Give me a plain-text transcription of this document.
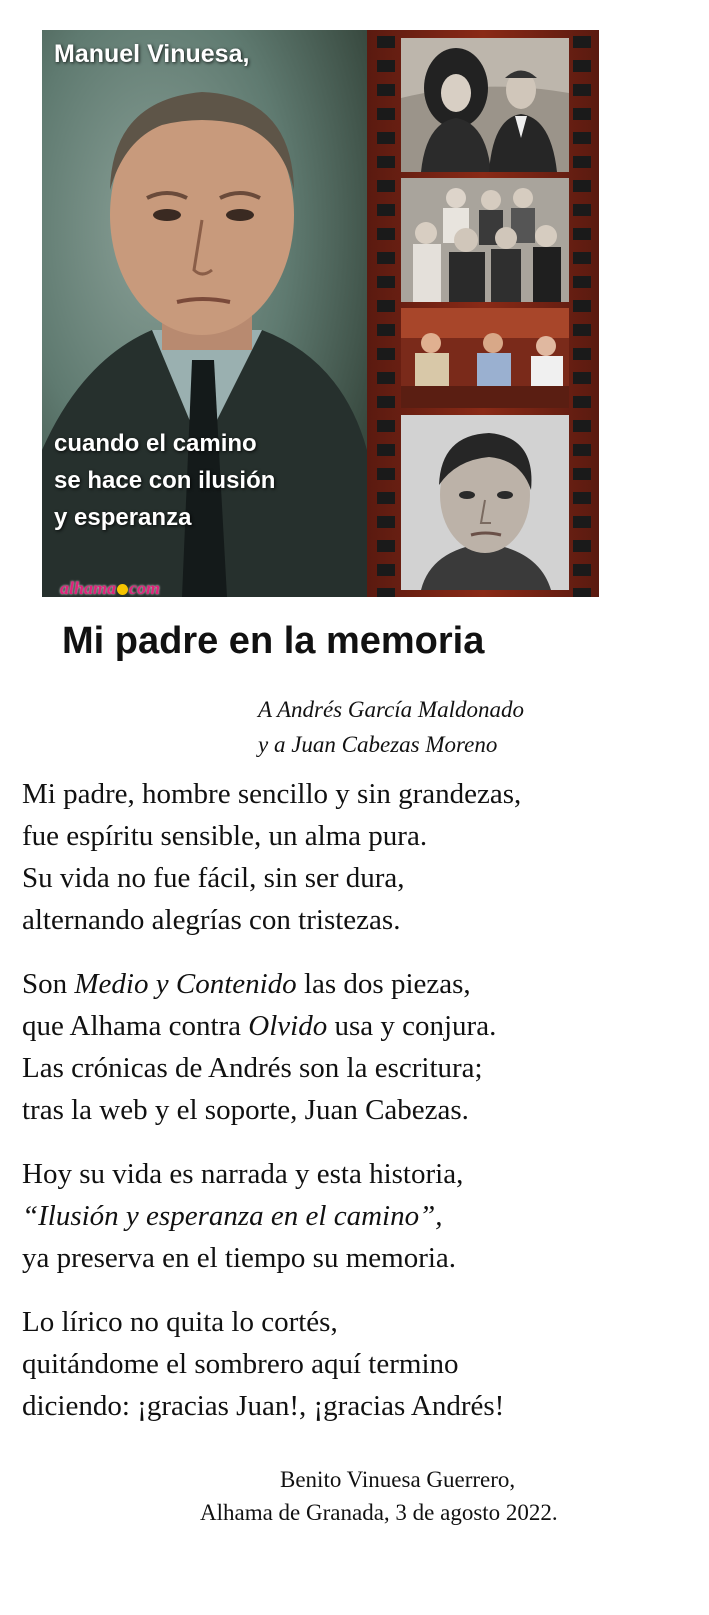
Manuel Vinuesa,
cuando el camino
se hace con ilusión
y esperanza
alhama com
Mi padre en la memoria
A Andrés García Maldonado
y a Juan Cabezas Moreno
Mi padre, hombre sencillo y sin grandezas,
fue espíritu sensible, un alma pura.
Su vida no fue fácil, sin ser dura,
alternando alegrías con tristezas.
Son Medio y Contenido las dos piezas,
que Alhama contra Olvido usa y conjura.
Las crónicas de Andrés son la escritura;
tras la web y el soporte, Juan Cabezas.
Hoy su vida es narrada y esta historia,
“Ilusión y esperanza en el camino”,
ya preserva en el tiempo su memoria.
Lo lírico no quita lo cortés,
quitándome el sombrero aquí termino
diciendo: ¡gracias Juan!, ¡gracias Andrés!
Benito Vinuesa Guerrero,
Alhama de Granada, 3 de agosto 2022.
